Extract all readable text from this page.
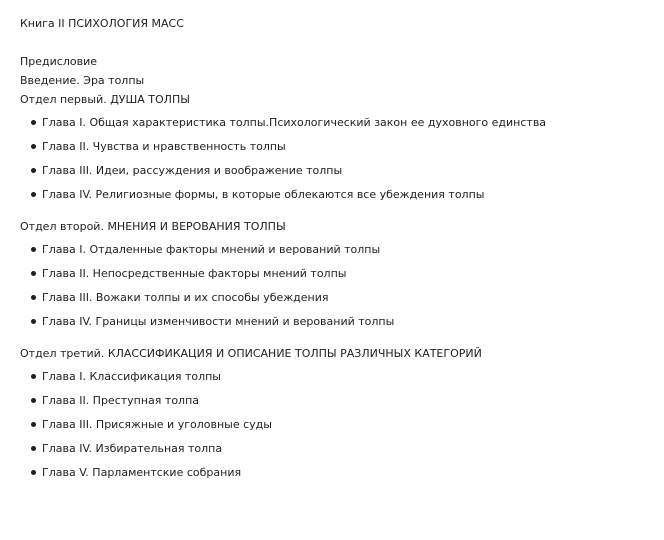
Книга II ПСИХОЛОГИЯ МАСС
Предисловие
Введение. Эра толпы
Отдел первый. ДУША ТОЛПЫ
Глава I. Общая характеристика толпы.Психологический закон ее духовного единства
Глава II. Чувства и нравственность толпы
Глава III. Идеи, рассуждения и воображение толпы
Глава IV. Религиозные формы, в которые облекаются все убеждения толпы
Отдел второй. МНЕНИЯ И ВЕРОВАНИЯ ТОЛПЫ
Глава I. Отдаленные факторы мнений и верований толпы
Глава II. Непосредственные факторы мнений толпы
Глава III. Вожаки толпы и их способы убеждения
Глава IV. Границы изменчивости мнений и верований толпы
Отдел третий. КЛАССИФИКАЦИЯ И ОПИСАНИЕ ТОЛПЫ РАЗЛИЧНЫХ КАТЕГОРИЙ
Глава I. Классификация толпы
Глава II. Преступная толпа
Глава III. Присяжные и уголовные суды
Глава IV. Избирательная толпа
Глава V. Парламентские собрания
